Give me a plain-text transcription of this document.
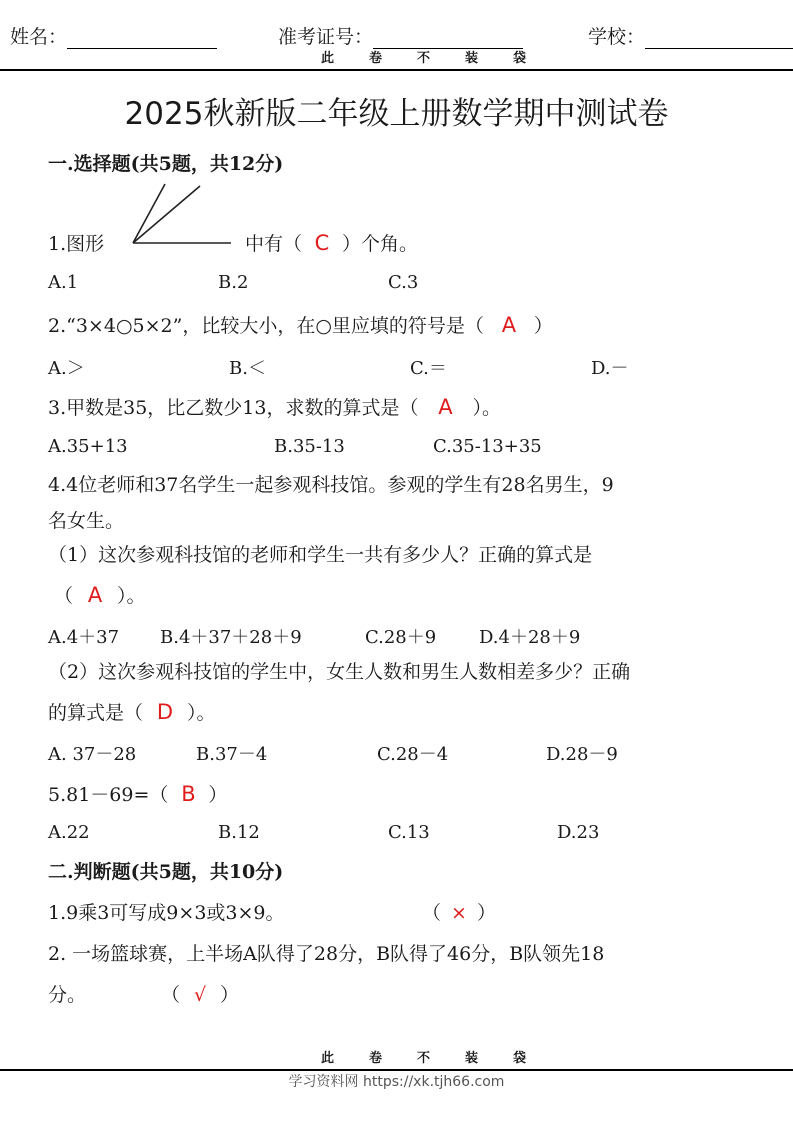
姓名：	准考证号：	学校：
此	卷	不	装	袋
2025秋新版二年级上册数学期中测试卷
一.选择题(共5题，共12分)
1.图形	中有（ C ）个角。
A.1	B.2	C.3
2.“3×4○5×2”，比较大小，在○里应填的符号是（ A ）
A.＞	B.＜	C.＝	D.－
3.甲数是35，比乙数少13，求数的算式是（ A ）。
A.35+13	B.35-13	C.35-13+35
4.4位老师和37名学生一起参观科技馆。参观的学生有28名男生，9
名女生。
（1）这次参观科技馆的老师和学生一共有多少人？正确的算式是
（ A ）。
A.4＋37 B.4＋37＋28＋9	C.28＋9 D.4＋28＋9
（2）这次参观科技馆的学生中，女生人数和男生人数相差多少？正确
的算式是（ D ）。
A. 37－28	B.37－4	C.28－4	D.28－9
5.81－69=（ B ）
A.22	B.12	C.13	D.23
二.判断题(共5题，共10分)
1.9乘3可写成9×3或3×9。	（ × ）
2. 一场篮球赛，上半场A队得了28分，B队得了46分，B队领先18
分。	（ √ ）
此	卷	不	装	袋
学习资料网 https://xk.tjh66.com
